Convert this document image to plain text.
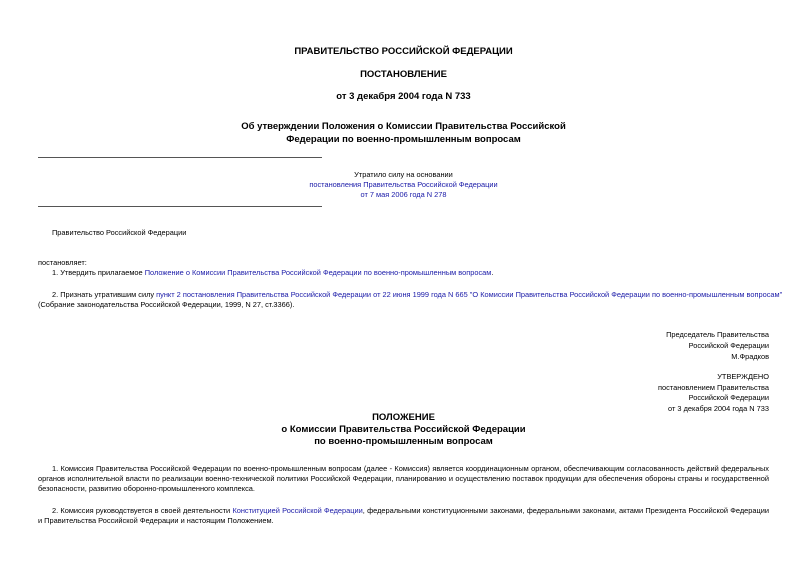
ПРАВИТЕЛЬСТВО РОССИЙСКОЙ ФЕДЕРАЦИИ
ПОСТАНОВЛЕНИЕ
от 3 декабря 2004 года N 733
Об утверждении Положения о Комиссии Правительства Российской
Федерации по военно-промышленным вопросам
Утратило силу на основании
постановления Правительства Российской Федерации
от 7 мая 2006 года N 278
Правительство Российской Федерации
постановляет:
1. Утвердить прилагаемое Положение о Комиссии Правительства Российской Федерации по военно-промышленным вопросам.
2. Признать утратившим силу пункт 2 постановления Правительства Российской Федерации от 22 июня 1999 года N 665 "О Комиссии Правительства Российской Федерации по военно-промышленным вопросам"
(Собрание законодательства Российской Федерации, 1999, N 27, ст.3366).
Председатель Правительства
Российской Федерации
М.Фрадков
УТВЕРЖДЕНО
постановлением Правительства
Российской Федерации
от 3 декабря 2004 года N 733
ПОЛОЖЕНИЕ
о Комиссии Правительства Российской Федерации
по военно-промышленным вопросам
1. Комиссия Правительства Российской Федерации по военно-промышленным вопросам (далее - Комиссия) является координационным органом, обеспечивающим согласованность действий федеральных органов исполнительной власти по реализации военно-технической политики Российской Федерации, планированию и осуществлению поставок продукции для обеспечения обороны страны и государственной безопасности, развитию оборонно-промышленного комплекса.
2. Комиссия руководствуется в своей деятельности Конституцией Российской Федерации, федеральными конституционными законами, федеральными законами, актами Президента Российской Федерации и Правительства Российской Федерации и настоящим Положением.
